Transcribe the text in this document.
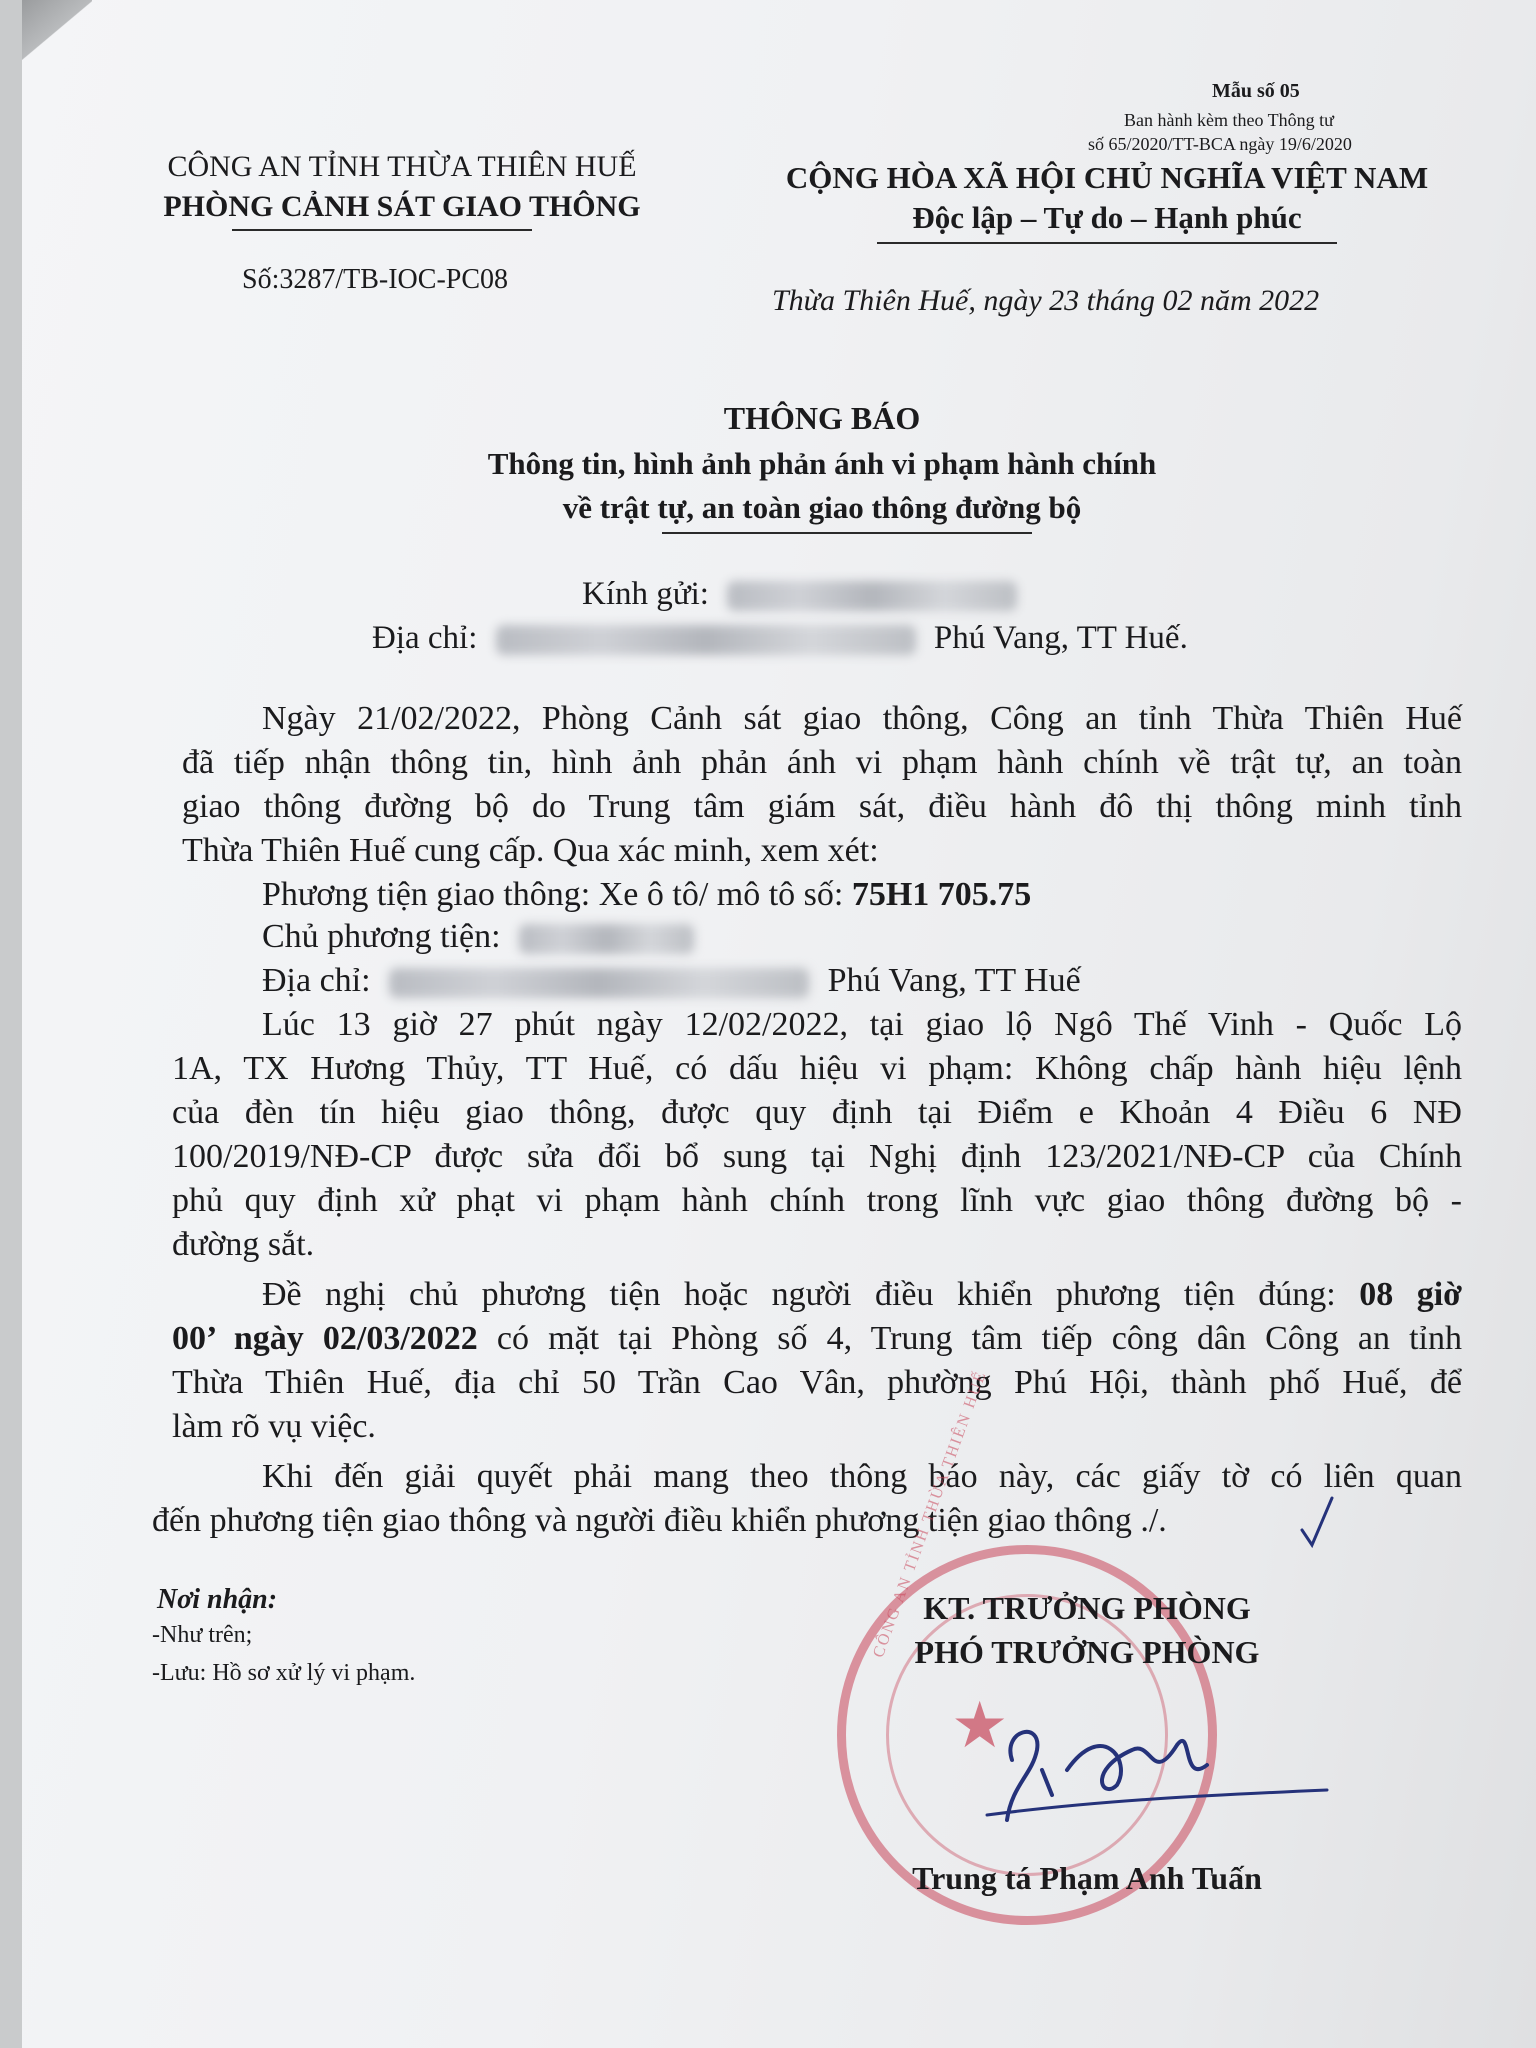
Mẫu số 05
Ban hành kèm theo Thông tư
số 65/2020/TT-BCA ngày 19/6/2020
CÔNG AN TỈNH THỪA THIÊN HUẾ
PHÒNG CẢNH SÁT GIAO THÔNG
Số:3287/TB-IOC-PC08
CỘNG HÒA XÃ HỘI CHỦ NGHĨA VIỆT NAM
Độc lập – Tự do – Hạnh phúc
Thừa Thiên Huế, ngày 23 tháng 02 năm 2022
THÔNG BÁO
Thông tin, hình ảnh phản ánh vi phạm hành chính
về trật tự, an toàn giao thông đường bộ
Kính gửi:
Địa chỉ:	Phú Vang, TT Huế.
Ngày 21/02/2022, Phòng Cảnh sát giao thông, Công an tỉnh Thừa Thiên Huế
đã tiếp nhận thông tin, hình ảnh phản ánh vi phạm hành chính về trật tự, an toàn
giao thông đường bộ do Trung tâm giám sát, điều hành đô thị thông minh tỉnh
Thừa Thiên Huế cung cấp. Qua xác minh, xem xét:
Phương tiện giao thông: Xe ô tô/ mô tô số: 75H1 705.75
Chủ phương tiện:
Địa chỉ:	Phú Vang, TT Huế
Lúc 13 giờ 27 phút ngày 12/02/2022, tại giao lộ Ngô Thế Vinh - Quốc Lộ
1A, TX Hương Thủy, TT Huế, có dấu hiệu vi phạm: Không chấp hành hiệu lệnh
của đèn tín hiệu giao thông, được quy định tại Điểm e Khoản 4 Điều 6 NĐ
100/2019/NĐ-CP được sửa đổi bổ sung tại Nghị định 123/2021/NĐ-CP của Chính
phủ quy định xử phạt vi phạm hành chính trong lĩnh vực giao thông đường bộ -
đường sắt.
Đề nghị chủ phương tiện hoặc người điều khiển phương tiện đúng: 08 giờ
00’ ngày 02/03/2022 có mặt tại Phòng số 4, Trung tâm tiếp công dân Công an tỉnh
Thừa Thiên Huế, địa chỉ 50 Trần Cao Vân, phường Phú Hội, thành phố Huế, để
làm rõ vụ việc.
Khi đến giải quyết phải mang theo thông báo này, các giấy tờ có liên quan
đến phương tiện giao thông và người điều khiển phương tiện giao thông ./.
Nơi nhận:
-Như trên;
-Lưu: Hồ sơ xử lý vi phạm.
★
CÔNG AN TỈNH THỪA THIÊN HUẾ
KT. TRƯỞNG PHÒNG
PHÓ TRƯỞNG PHÒNG
Trung tá Phạm Anh Tuấn
